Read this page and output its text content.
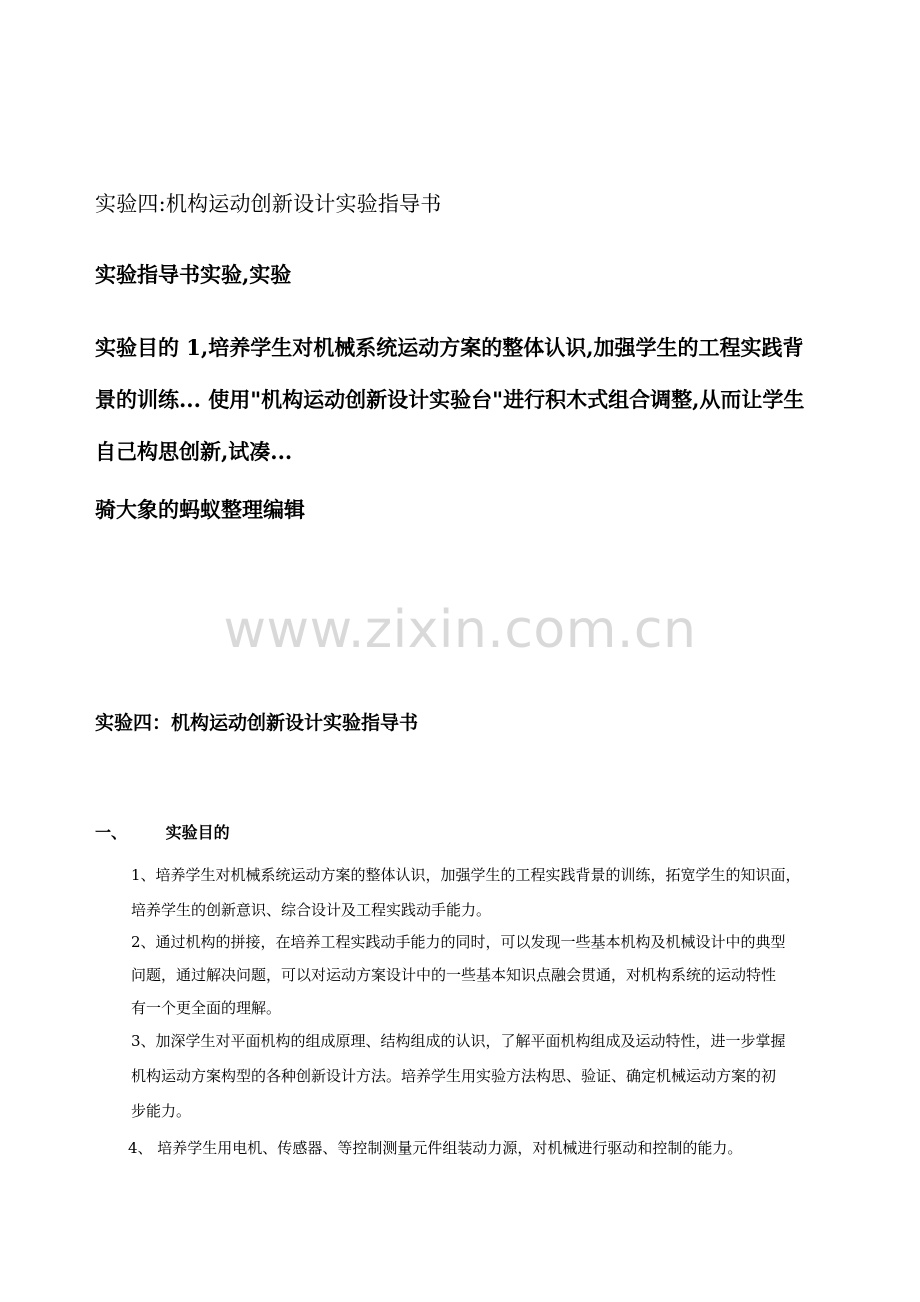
实验四:机构运动创新设计实验指导书
实验指导书实验,实验
实验目的 1,培养学生对机械系统运动方案的整体认识,加强学生的工程实践背
景的训练... 使用"机构运动创新设计实验台"进行积木式组合调整,从而让学生
自己构思创新,试凑...
骑大象的蚂蚁整理编辑
www.zixin.com.cn
实验四：机构运动创新设计实验指导书
一、 实验目的
1、培养学生对机械系统运动方案的整体认识，加强学生的工程实践背景的训练，拓宽学生的知识面，
培养学生的创新意识、综合设计及工程实践动手能力。
2、通过机构的拼接，在培养工程实践动手能力的同时，可以发现一些基本机构及机械设计中的典型
问题，通过解决问题，可以对运动方案设计中的一些基本知识点融会贯通，对机构系统的运动特性
有一个更全面的理解。
3、加深学生对平面机构的组成原理、结构组成的认识，了解平面机构组成及运动特性，进一步掌握
机构运动方案构型的各种创新设计方法。培养学生用实验方法构思、验证、确定机械运动方案的初
步能力。
4、 培养学生用电机、传感器、等控制测量元件组装动力源，对机械进行驱动和控制的能力。
